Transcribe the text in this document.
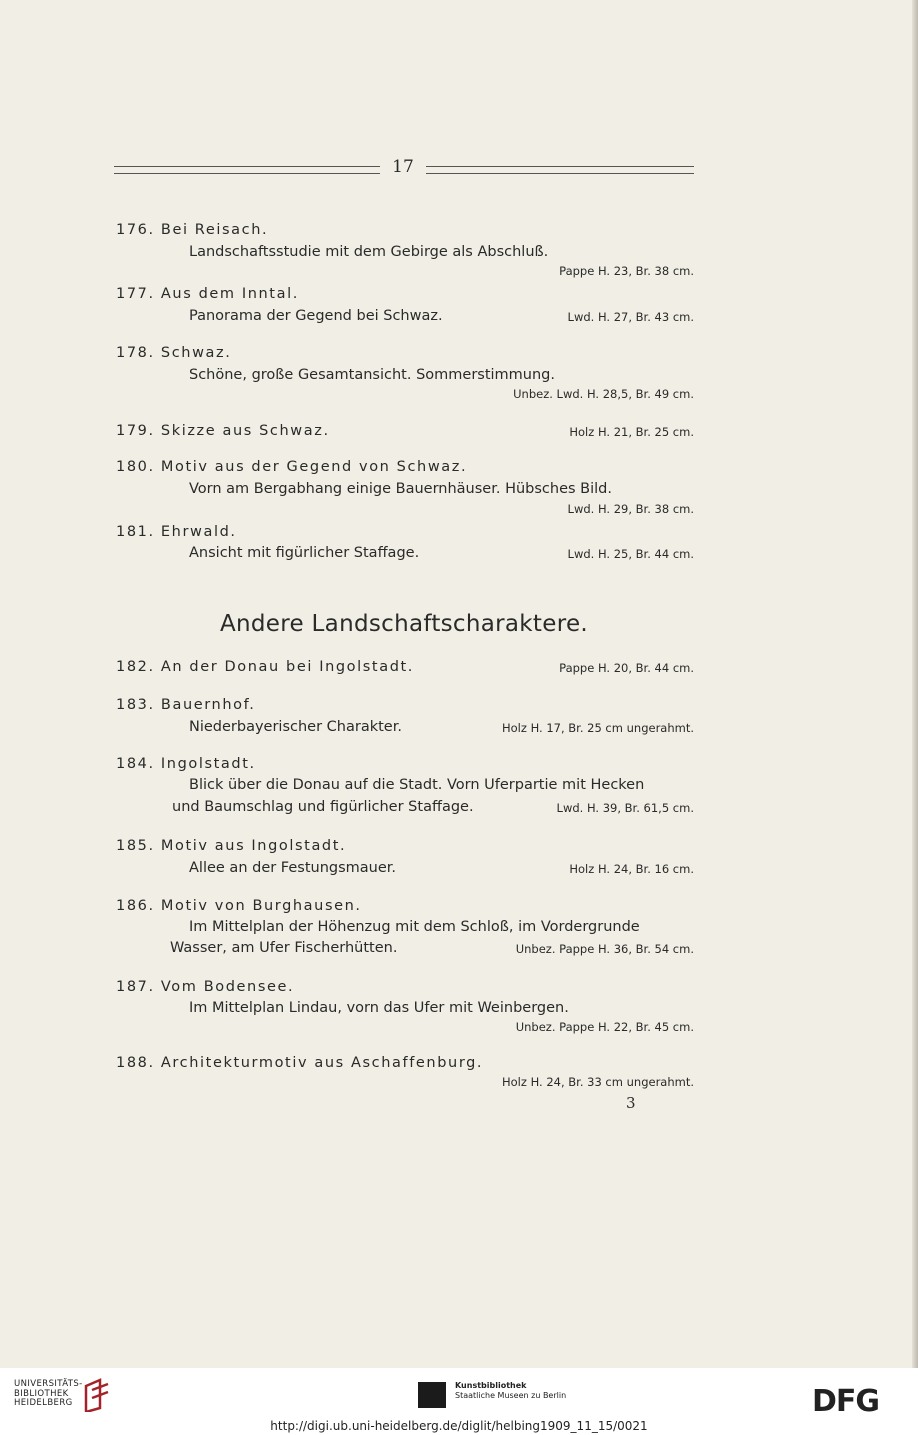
17
176. Bei Reisach.
Landschaftsstudie mit dem Gebirge als Abschluß.
Pappe H. 23, Br. 38 cm.
177. Aus dem Inntal.
Panorama der Gegend bei Schwaz.	Lwd. H. 27, Br. 43 cm.
178. Schwaz.
Schöne, große Gesamtansicht. Sommerstimmung.
Unbez. Lwd. H. 28,5, Br. 49 cm.
179. Skizze aus Schwaz.	Holz H. 21, Br. 25 cm.
180. Motiv aus der Gegend von Schwaz.
Vorn am Bergabhang einige Bauernhäuser. Hübsches Bild.
Lwd. H. 29, Br. 38 cm.
181. Ehrwald.
Ansicht mit figürlicher Staffage.	Lwd. H. 25, Br. 44 cm.
Andere Landschaftscharaktere.
182. An der Donau bei Ingolstadt.	Pappe H. 20, Br. 44 cm.
183. Bauernhof.
Niederbayerischer Charakter.	Holz H. 17, Br. 25 cm ungerahmt.
184. Ingolstadt.
Blick über die Donau auf die Stadt. Vorn Uferpartie mit Hecken
und Baumschlag und figürlicher Staffage.	Lwd. H. 39, Br. 61,5 cm.
185. Motiv aus Ingolstadt.
Allee an der Festungsmauer.	Holz H. 24, Br. 16 cm.
186. Motiv von Burghausen.
Im Mittelplan der Höhenzug mit dem Schloß, im Vordergrunde
Wasser, am Ufer Fischerhütten.	Unbez. Pappe H. 36, Br. 54 cm.
187. Vom Bodensee.
Im Mittelplan Lindau, vorn das Ufer mit Weinbergen.
Unbez. Pappe H. 22, Br. 45 cm.
188. Architekturmotiv aus Aschaffenburg.
Holz H. 24, Br. 33 cm ungerahmt.
3
UNIVERSITÄTS-
BIBLIOTHEK
HEIDELBERG
Kunstbibliothek
Staatliche Museen zu Berlin	DFG
http://digi.ub.uni-heidelberg.de/diglit/helbing1909_11_15/0021
